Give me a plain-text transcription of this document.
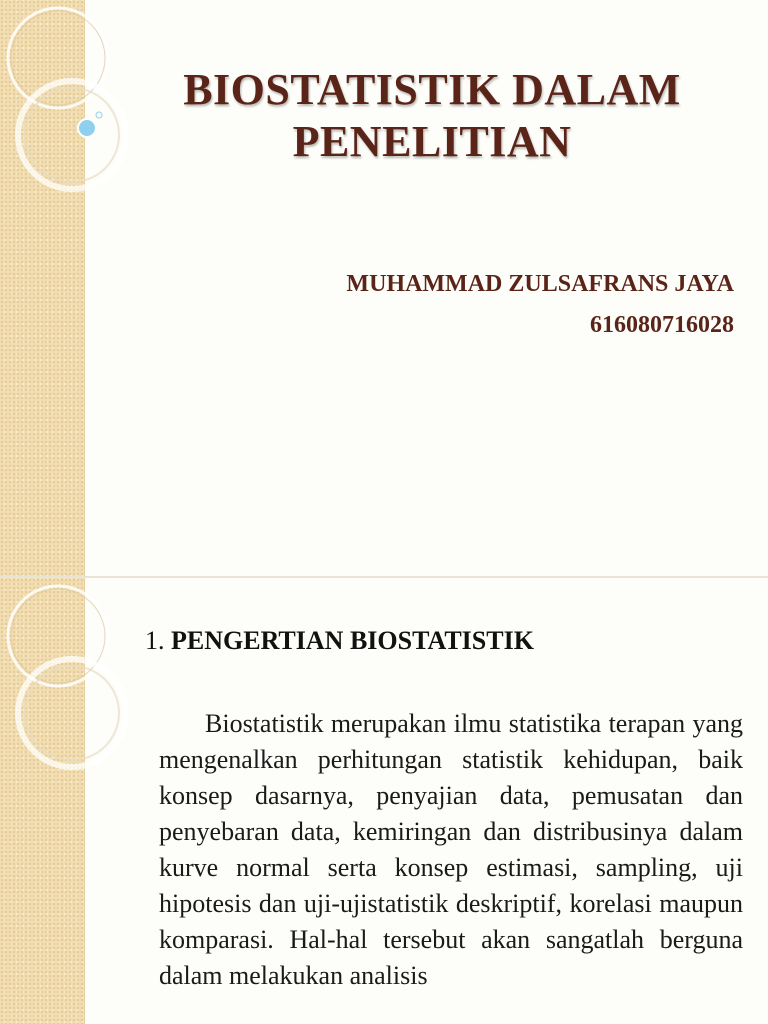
BIOSTATISTIK DALAM
PENELITIAN
MUHAMMAD ZULSAFRANS JAYA
616080716028
1. PENGERTIAN BIOSTATISTIK

Biostatistik merupakan ilmu statistika terapan yang mengenalkan perhitungan statistik kehidupan, baik konsep dasarnya, penyajian data, pemusatan dan penyebaran data, kemiringan dan distribusinya dalam kurve normal serta konsep estimasi, sampling, uji hipotesis dan uji-ujistatistik deskriptif, korelasi maupun komparasi. Hal-hal tersebut akan sangatlah berguna dalam melakukan analisis
